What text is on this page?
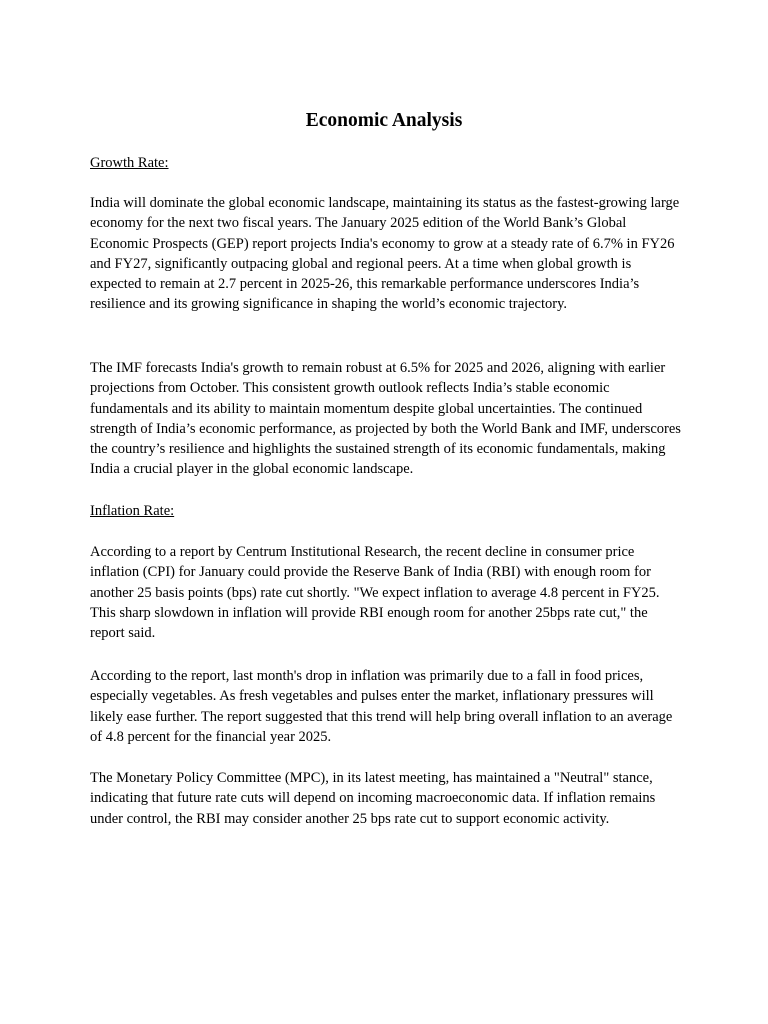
Economic Analysis

Growth Rate:

India will dominate the global economic landscape, maintaining its status as the fastest-growing large economy for the next two fiscal years. The January 2025 edition of the World Bank’s Global Economic Prospects (GEP) report projects India's economy to grow at a steady rate of 6.7% in FY26 and FY27, significantly outpacing global and regional peers. At a time when global growth is expected to remain at 2.7 percent in 2025-26, this remarkable performance underscores India’s resilience and its growing significance in shaping the world’s economic trajectory.

The IMF forecasts India's growth to remain robust at 6.5% for 2025 and 2026, aligning with earlier projections from October. This consistent growth outlook reflects India’s stable economic fundamentals and its ability to maintain momentum despite global uncertainties. The continued strength of India’s economic performance, as projected by both the World Bank and IMF, underscores the country’s resilience and highlights the sustained strength of its economic fundamentals, making India a crucial player in the global economic landscape.

Inflation Rate:

According to a report by Centrum Institutional Research, the recent decline in consumer price inflation (CPI) for January could provide the Reserve Bank of India (RBI) with enough room for another 25 basis points (bps) rate cut shortly. "We expect inflation to average 4.8 percent in FY25. This sharp slowdown in inflation will provide RBI enough room for another 25bps rate cut," the report said.

According to the report, last month's drop in inflation was primarily due to a fall in food prices, especially vegetables. As fresh vegetables and pulses enter the market, inflationary pressures will likely ease further. The report suggested that this trend will help bring overall inflation to an average of 4.8 percent for the financial year 2025.

The Monetary Policy Committee (MPC), in its latest meeting, has maintained a "Neutral" stance, indicating that future rate cuts will depend on incoming macroeconomic data. If inflation remains under control, the RBI may consider another 25 bps rate cut to support economic activity.
